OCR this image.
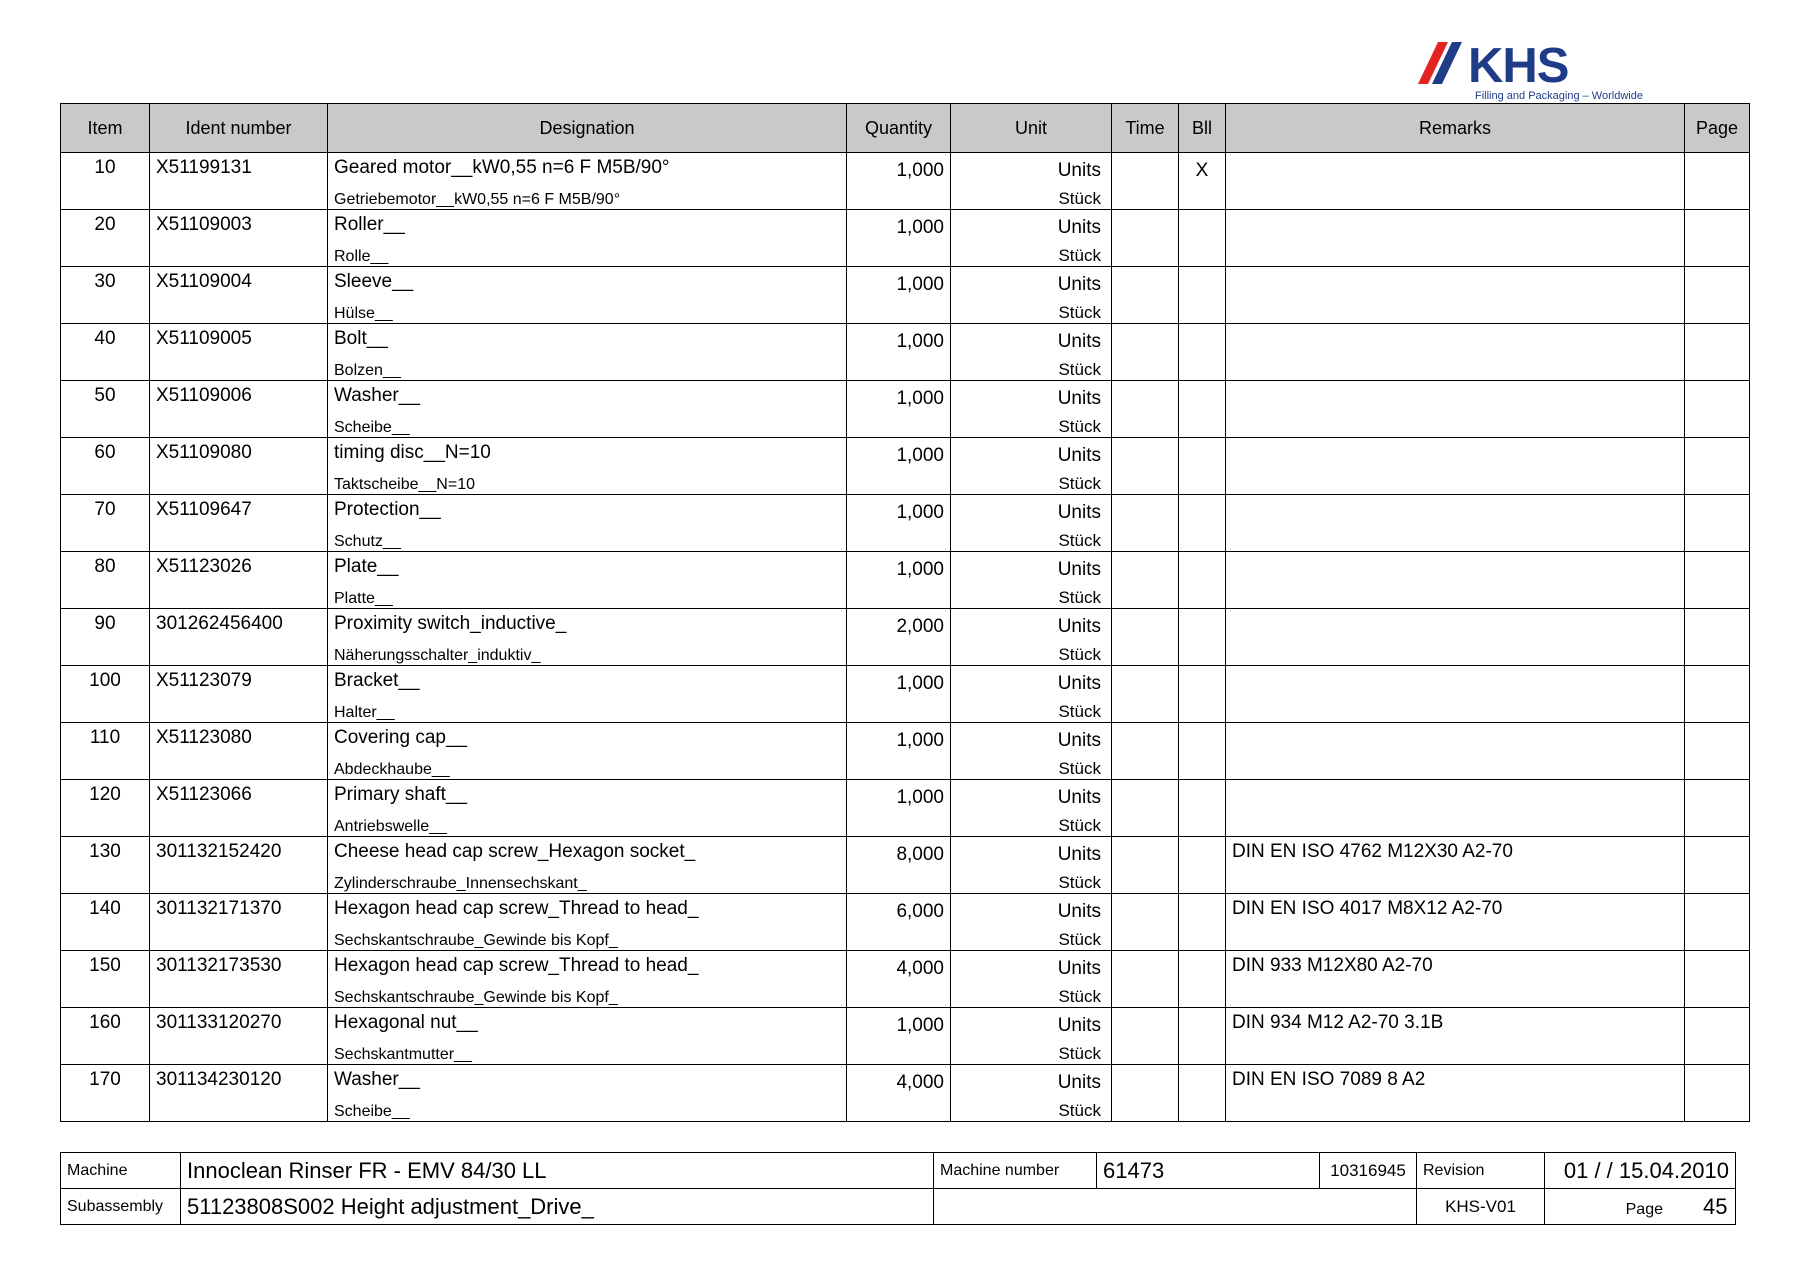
KHS
Filling and Packaging – Worldwide
Item	Ident number	Designation	Quantity	Unit	Time	Bll	Remarks	Page
10	X51199131	Geared motor__kW0,55 n=6 F M5B/90°	1,000	Units		X		
		Getriebemotor__kW0,55 n=6 F M5B/90°		Stück				
20	X51109003	Roller__	1,000	Units				
		Rolle__		Stück				
30	X51109004	Sleeve__	1,000	Units				
		Hülse__		Stück				
40	X51109005	Bolt__	1,000	Units				
		Bolzen__		Stück				
50	X51109006	Washer__	1,000	Units				
		Scheibe__		Stück				
60	X51109080	timing disc__N=10	1,000	Units				
		Taktscheibe__N=10		Stück				
70	X51109647	Protection__	1,000	Units				
		Schutz__		Stück				
80	X51123026	Plate__	1,000	Units				
		Platte__		Stück				
90	301262456400	Proximity switch_inductive_	2,000	Units				
		Näherungsschalter_induktiv_		Stück				
100	X51123079	Bracket__	1,000	Units				
		Halter__		Stück				
110	X51123080	Covering cap__	1,000	Units				
		Abdeckhaube__		Stück				
120	X51123066	Primary shaft__	1,000	Units				
		Antriebswelle__		Stück				
130	301132152420	Cheese head cap screw_Hexagon socket_	8,000	Units			DIN EN ISO 4762 M12X30 A2-70	
		Zylinderschraube_Innensechskant_		Stück				
140	301132171370	Hexagon head cap screw_Thread to head_	6,000	Units			DIN EN ISO 4017 M8X12 A2-70	
		Sechskantschraube_Gewinde bis Kopf_		Stück				
150	301132173530	Hexagon head cap screw_Thread to head_	4,000	Units			DIN 933 M12X80 A2-70	
		Sechskantschraube_Gewinde bis Kopf_		Stück				
160	301133120270	Hexagonal nut__	1,000	Units			DIN 934 M12 A2-70 3.1B	
		Sechskantmutter__		Stück				
170	301134230120	Washer__	4,000	Units			DIN EN ISO 7089 8 A2	
		Scheibe__		Stück				
Machine	Innoclean Rinser FR - EMV 84/30 LL	Machine number	61473	10316945	Revision	01 / / 15.04.2010
Subassembly	51123808S002 Height adjustment_Drive_				KHS-V01	Page 45
